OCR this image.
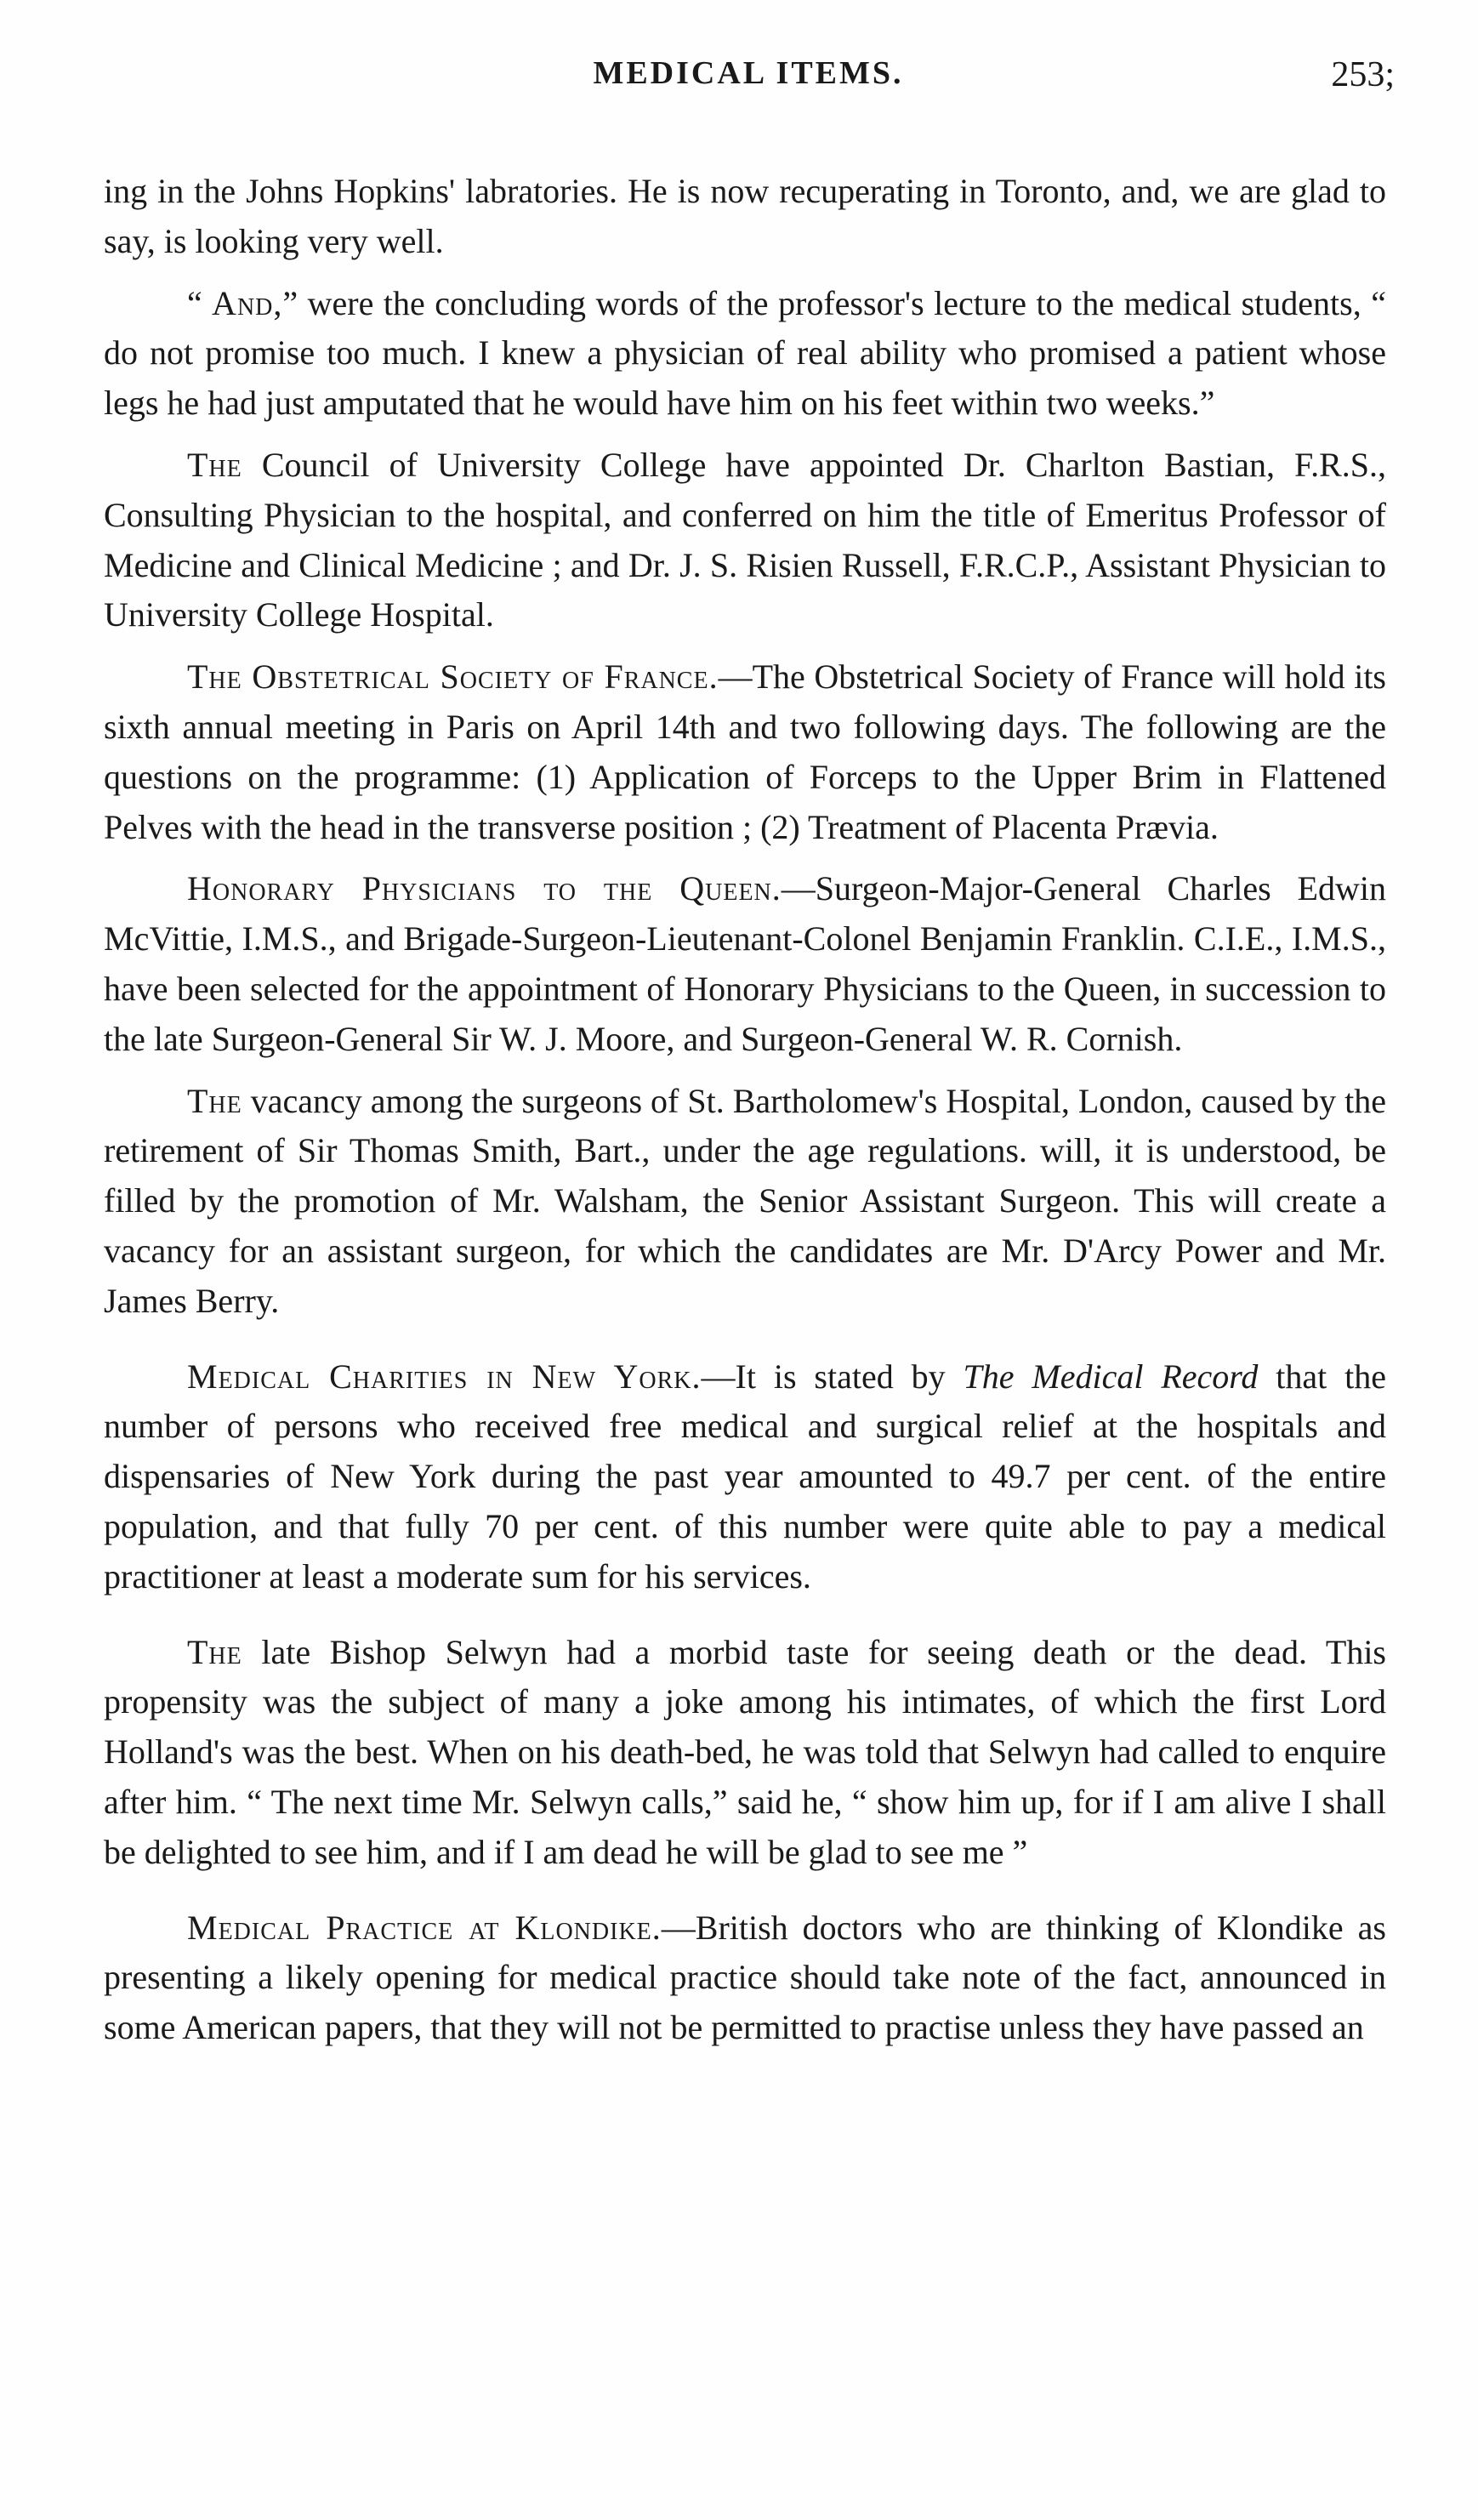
MEDICAL ITEMS.	253;

ing in the Johns Hopkins' labratories. He is now recuperating in Toronto, and, we are glad to say, is looking very well.

“ And,” were the concluding words of the professor's lecture to the medical students, “ do not promise too much. I knew a physician of real ability who promised a patient whose legs he had just amputated that he would have him on his feet within two weeks.”

The Council of University College have appointed Dr. Charlton Bastian, F.R.S., Consulting Physician to the hospital, and conferred on him the title of Emeritus Professor of Medicine and Clinical Medicine ; and Dr. J. S. Risien Russell, F.R.C.P., Assistant Physician to University College Hospital.

The Obstetrical Society of France.—The Obstetrical Society of France will hold its sixth annual meeting in Paris on April 14th and two following days. The following are the questions on the programme: (1) Application of Forceps to the Upper Brim in Flattened Pelves with the head in the transverse position ; (2) Treatment of Placenta Prævia.

Honorary Physicians to the Queen.—Surgeon-Major-General Charles Edwin McVittie, I.M.S., and Brigade-Surgeon-Lieutenant-Colonel Benjamin Franklin. C.I.E., I.M.S., have been selected for the appointment of Honorary Physicians to the Queen, in succession to the late Surgeon-General Sir W. J. Moore, and Surgeon-General W. R. Cornish.

The vacancy among the surgeons of St. Bartholomew's Hospital, London, caused by the retirement of Sir Thomas Smith, Bart., under the age regulations. will, it is understood, be filled by the promotion of Mr. Walsham, the Senior Assistant Surgeon. This will create a vacancy for an assistant surgeon, for which the candidates are Mr. D'Arcy Power and Mr. James Berry.

Medical Charities in New York.—It is stated by The Medical Record that the number of persons who received free medical and surgical relief at the hospitals and dispensaries of New York during the past year amounted to 49.7 per cent. of the entire population, and that fully 70 per cent. of this number were quite able to pay a medical practitioner at least a moderate sum for his services.

The late Bishop Selwyn had a morbid taste for seeing death or the dead. This propensity was the subject of many a joke among his intimates, of which the first Lord Holland's was the best. When on his death-bed, he was told that Selwyn had called to enquire after him. “ The next time Mr. Selwyn calls,” said he, “ show him up, for if I am alive I shall be delighted to see him, and if I am dead he will be glad to see me ”

Medical Practice at Klondike.—British doctors who are thinking of Klondike as presenting a likely opening for medical practice should take note of the fact, announced in some American papers, that they will not be permitted to practise unless they have passed an
